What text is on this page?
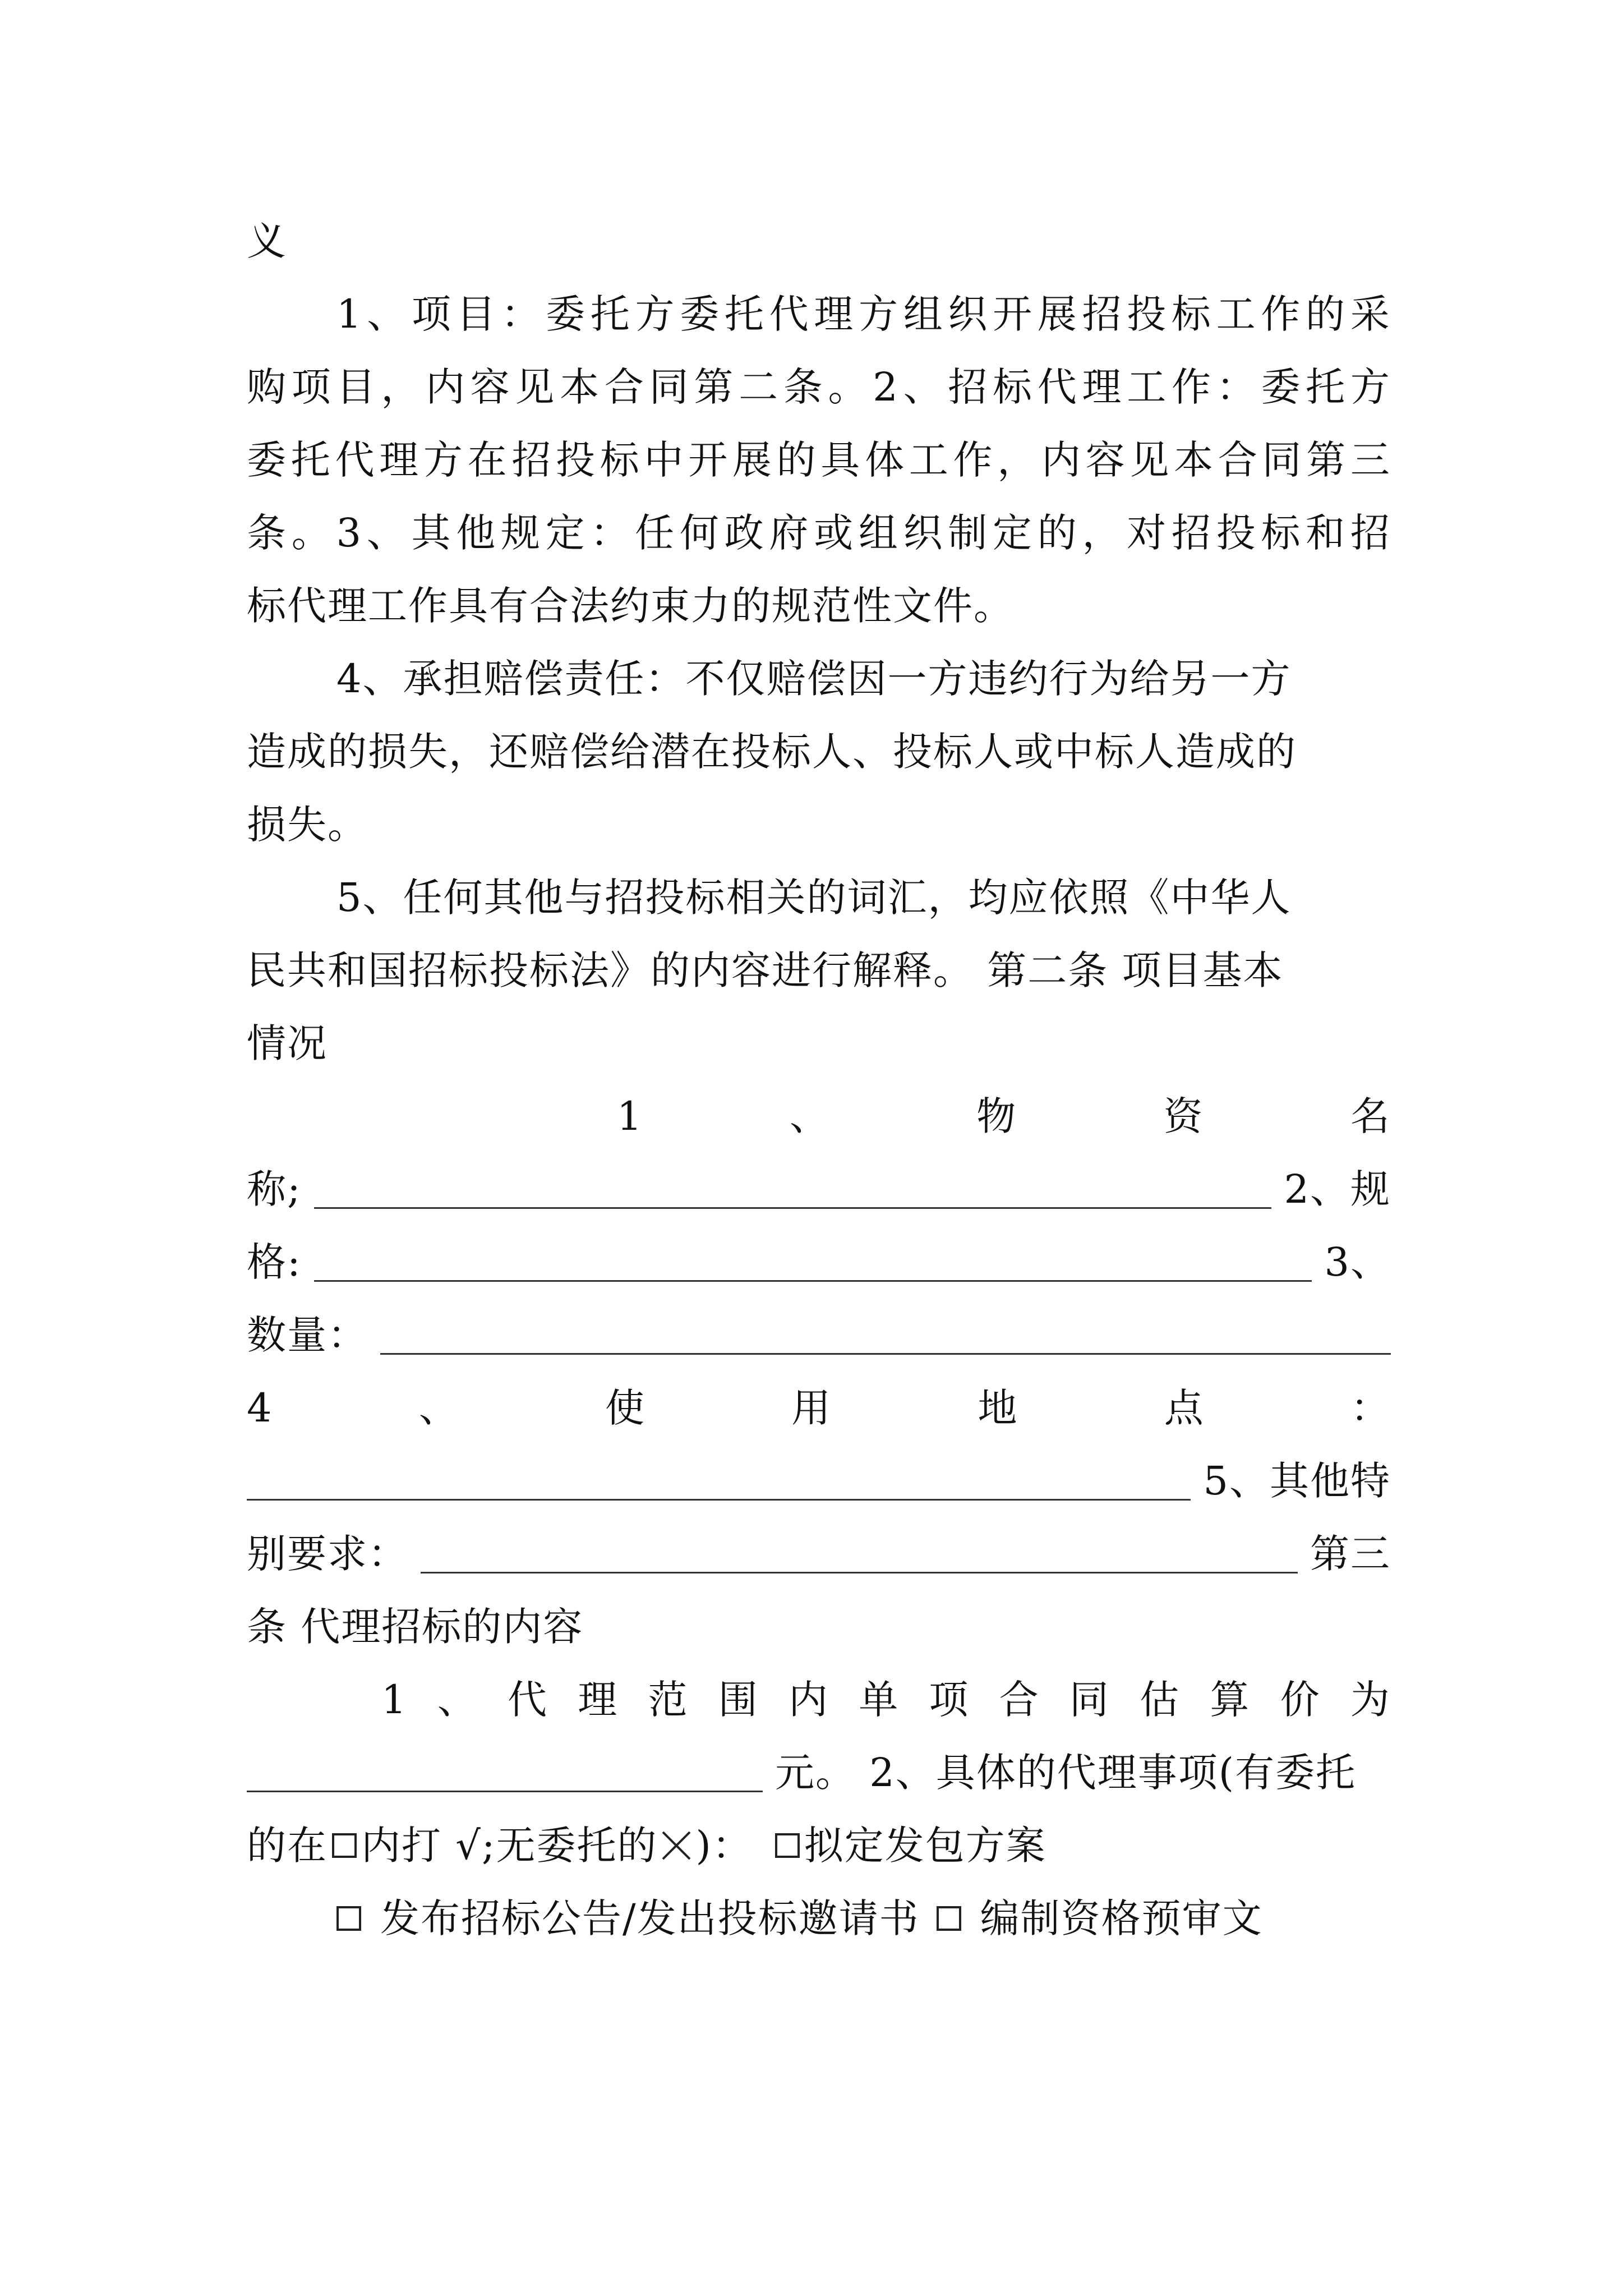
义
1 、 项 目 ： 委 托 方 委 托 代 理 方 组 织 开 展 招 投 标 工 作 的 采
购 项 目 ， 内 容 见 本 合 同 第 二 条 。 2 、 招 标 代 理 工 作 ： 委 托 方
委 托 代 理 方 在 招 投 标 中 开 展 的 具 体 工 作 ， 内 容 见 本 合 同 第 三
条 。 3 、 其 他 规 定 ： 任 何 政 府 或 组 织 制 定 的 ， 对 招 投 标 和 招
标代理工作具有合法约束力的规范性文件。
4、承担赔偿责任：不仅赔偿因一方违约行为给另一方
造成的损失，还赔偿给潜在投标人、投标人或中标人造成的
损失。
5、任何其他与招投标相关的词汇，均应依照《中华人
民共和国招标投标法》的内容进行解释。 第二条 项目基本
情况
1	、	物	资	名
称;	2、规
格:	3、
数量：
4	、	使	用	地	点	：
5、其他特
别要求：	第三
条 代理招标的内容
1 、 代 理 范 围 内 单 项 合 同 估 算 价 为
元。 2、具体的代理事项(有委托
的在 内打 √;无委托的 )： 拟定发包方案
发布招标公告/发出投标邀请书 编制资格预审文
